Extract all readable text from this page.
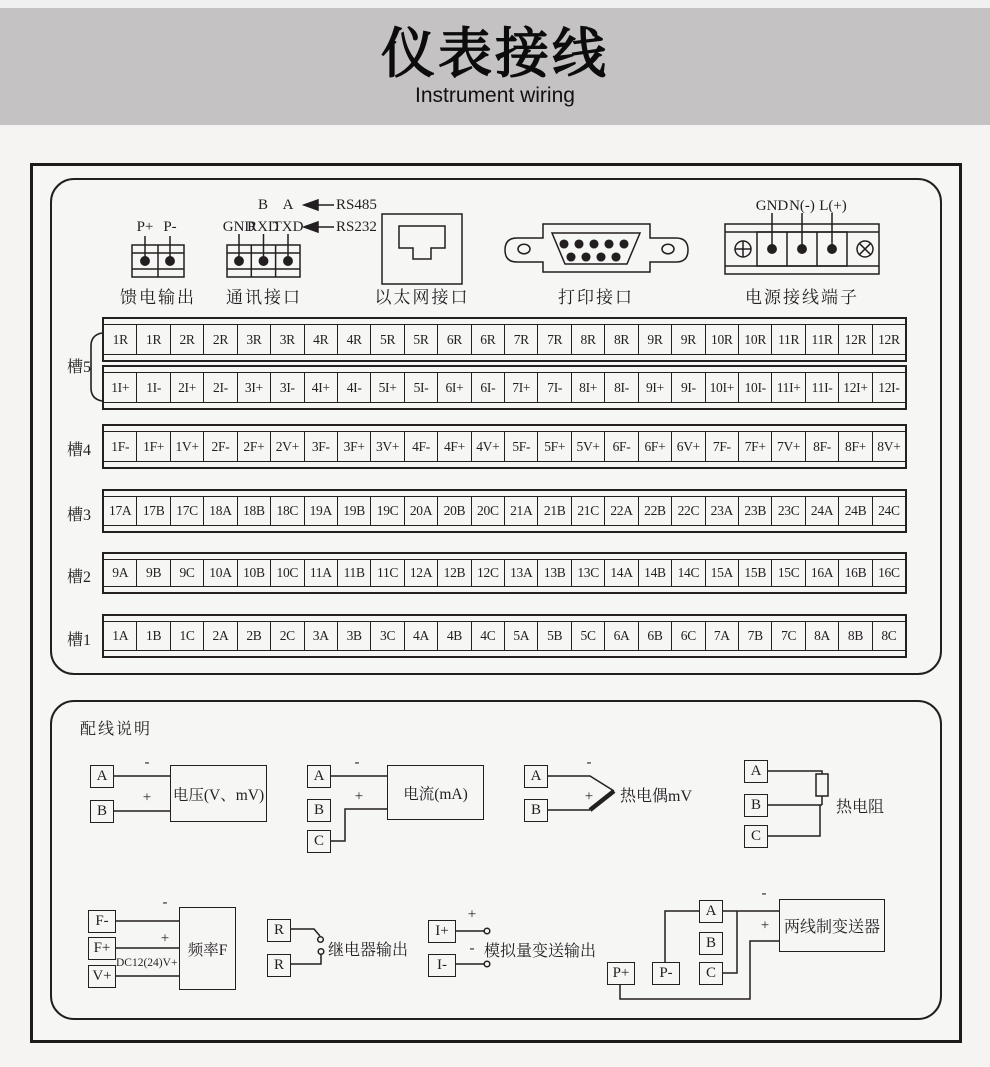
仪表接线
Instrument wiring
P+ P-	GND
RXD
TXD
B A	RS485
RS232
GND N(-) L(+)
馈电输出 通讯接口	以太网接口	打印接口	电源接线端子
槽5
槽4
槽3
槽2
槽1
1R	1R	2R	2R	3R	3R	4R	4R	5R	5R	6R	6R	7R	7R	8R	8R	9R	9R	10R 10R 11R 11R 12R 12R
1I+	1I-	2I+	2I-	3I+	3I-	4I+	4I-	5I+	5I-	6I+	6I-	7I+	7I-	8I+	8I-	9I+	9I-	10I+ 10I- 11I+ 11I- 12I+ 12I-
1F-	1F+ 1V+ 2F-	2F+ 2V+ 3F-	3F+ 3V+ 4F-	4F+ 4V+ 5F-	5F+ 5V+ 6F-	6F+ 6V+ 7F-	7F+ 7V+ 8F-	8F+ 8V+
17A 17B 17C 18A 18B 18C 19A 19B 19C 20A 20B 20C 21A 21B 21C 22A 22B 22C 23A 23B 23C 24A 24B 24C
9A	9B	9C	10A 10B 10C 11A 11B 11C 12A 12B 12C 13A 13B 13C 14A 14B 14C 15A 15B 15C 16A 16B 16C
1A	1B	1C	2A	2B	2C	3A	3B	3C	4A	4B	4C	5A	5B	5C	6A	6B	6C	7A	7B	7C	8A	8B	8C
配线说明
A
B
-
+ 电压(V、mV)
A
B
C
-
+	电流(mA)
A
B
-
+ 热电偶mV
A
B
C
热电阻
F-
F+
V+
-
+
DC12(24)V+
频率F
R
R
继电器输出
I+
I-
+
- 模拟量变送输出
P+	P-
A
B
C
-
+ 两线制变送器
